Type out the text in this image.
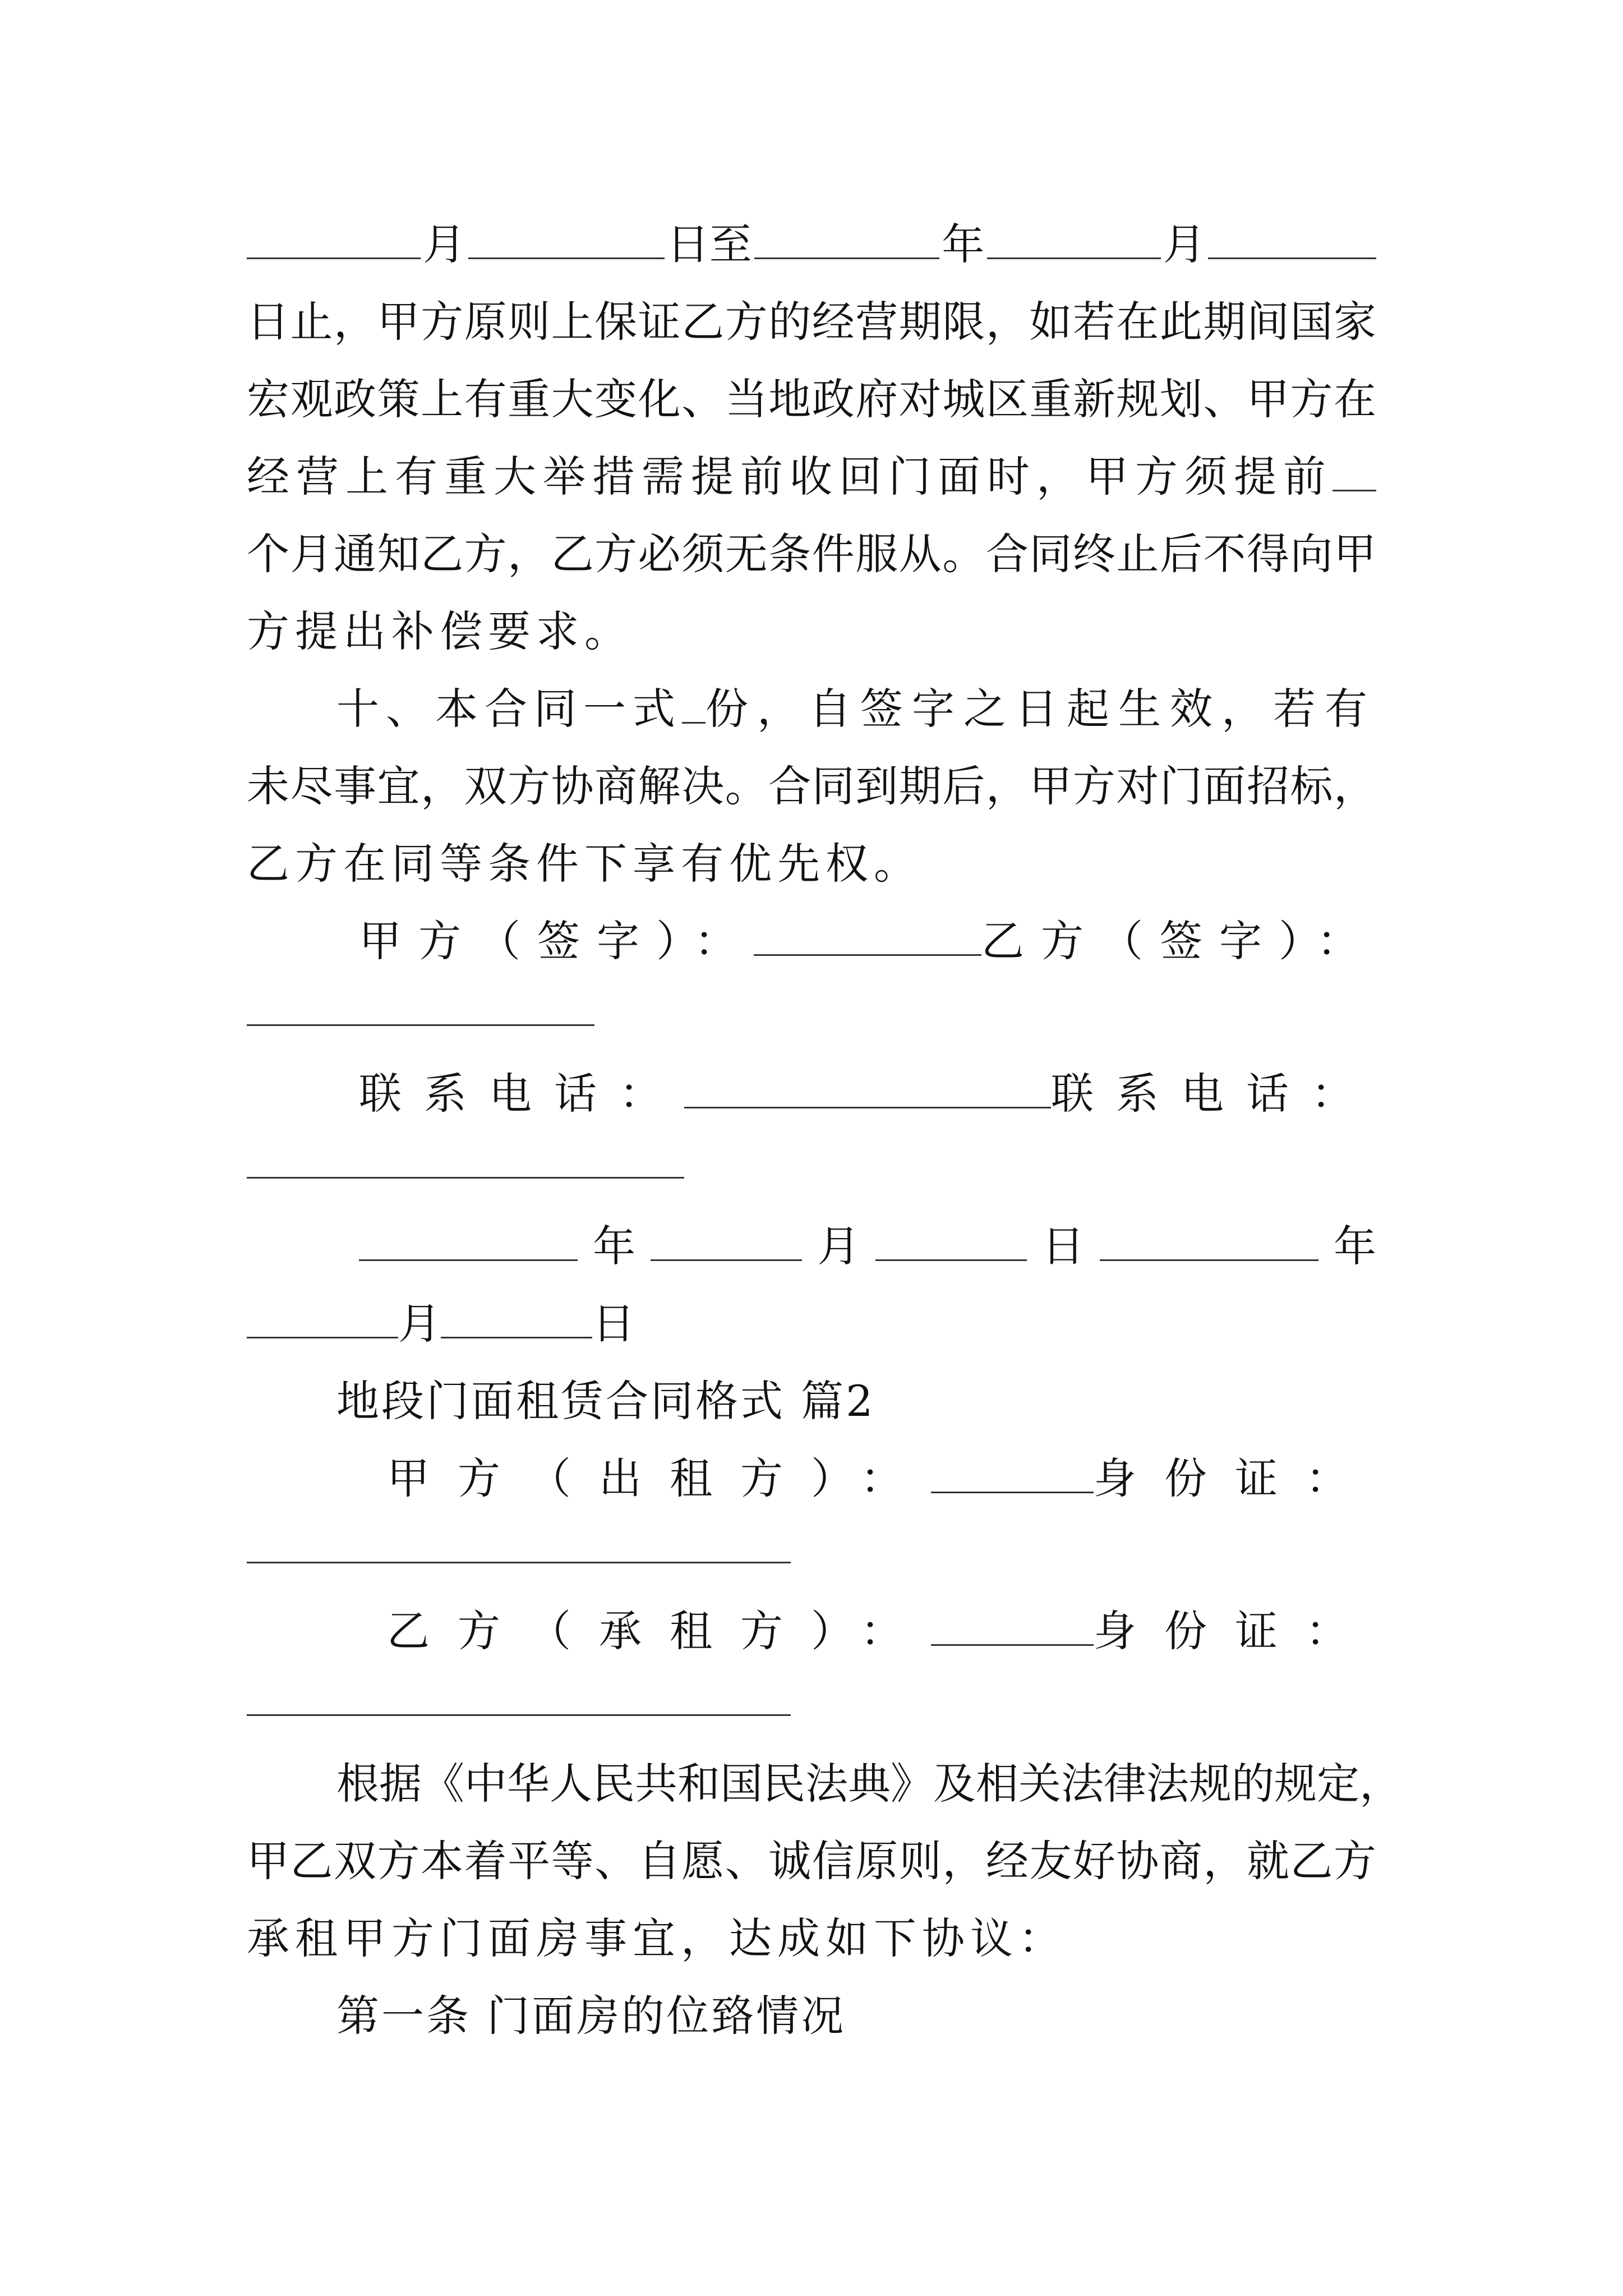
月	日至	年	月
日止，甲方原则上保证乙方的经营期限，如若在此期间国家
宏观政策上有重大变化、当地政府对城区重新规划、甲方在
经营上有重大举措需提前收回门面时，甲方须提前
个月通知乙方，乙方必须无条件服从。合同终止后不得向甲
方提出补偿要求。
十、本合同一式 份，自签字之日起生效，若有
未尽事宜，双方协商解决。合同到期后，甲方对门面招标，
乙方在同等条件下享有优先权。
甲方（签字）：	乙方（签字）：
联系电话：	联系电话：
年	月	日	年
月	日
地段门面租赁合同格式 篇2
甲方（出租方）：	身份证：
乙方（承租方）：	身份证：
根据《中华人民共和国民法典》及相关法律法规的规定，
甲乙双方本着平等、自愿、诚信原则，经友好协商，就乙方
承租甲方门面房事宜，达成如下协议：
第一条 门面房的位臵情况
